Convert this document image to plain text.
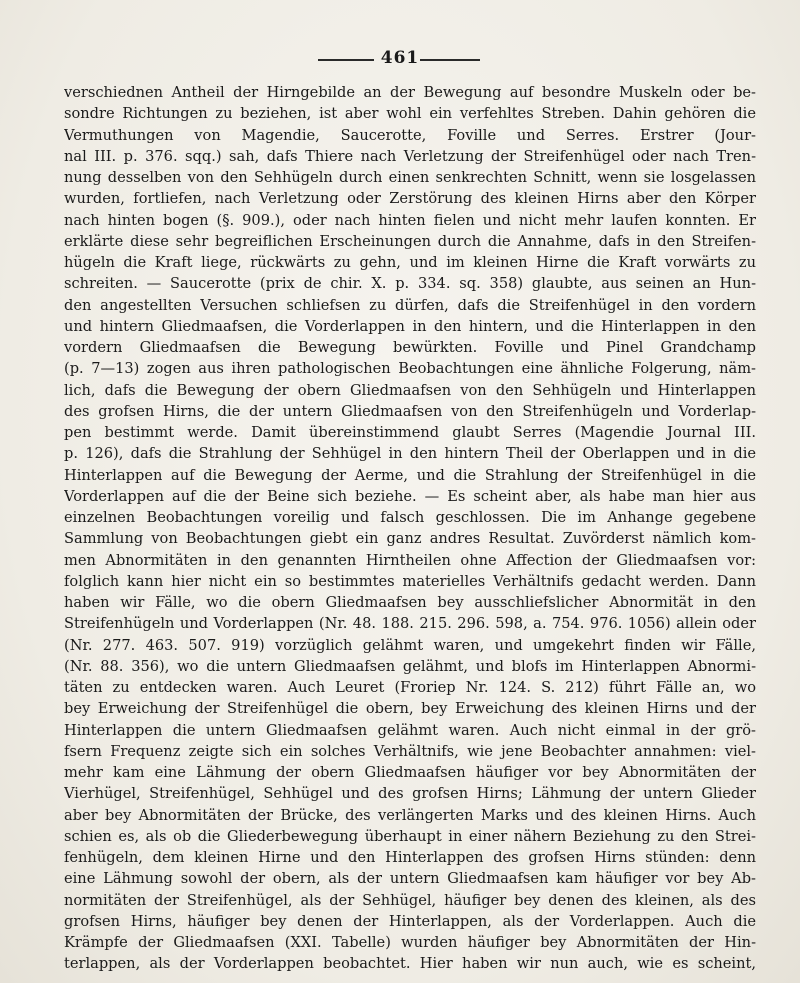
461
verschiednen Antheil der Hirngebilde an der Bewegung auf besondre Muskeln oder be-
sondre Richtungen zu beziehen, ist aber wohl ein verfehltes Streben. Dahin gehören die
Vermuthungen von Magendie, Saucerotte, Foville und Serres. Erstrer (Jour-
nal III. p. 376. sqq.) sah, dafs Thiere nach Verletzung der Streifenhügel oder nach Tren-
nung desselben von den Sehhügeln durch einen senkrechten Schnitt, wenn sie losgelassen
wurden, fortliefen, nach Verletzung oder Zerstörung des kleinen Hirns aber den Körper
nach hinten bogen (§. 909.), oder nach hinten fielen und nicht mehr laufen konnten. Er
erklärte diese sehr begreiflichen Erscheinungen durch die Annahme, dafs in den Streifen-
hügeln die Kraft liege, rückwärts zu gehn, und im kleinen Hirne die Kraft vorwärts zu
schreiten. — Saucerotte (prix de chir. X. p. 334. sq. 358) glaubte, aus seinen an Hun-
den angestellten Versuchen schliefsen zu dürfen, dafs die Streifenhügel in den vordern
und hintern Gliedmaafsen, die Vorderlappen in den hintern, und die Hinterlappen in den
vordern Gliedmaafsen die Bewegung bewürkten. Foville und Pinel Grandchamp
(p. 7—13) zogen aus ihren pathologischen Beobachtungen eine ähnliche Folgerung, näm-
lich, dafs die Bewegung der obern Gliedmaafsen von den Sehhügeln und Hinterlappen
des grofsen Hirns, die der untern Gliedmaafsen von den Streifenhügeln und Vorderlap-
pen bestimmt werde. Damit übereinstimmend glaubt Serres (Magendie Journal III.
p. 126), dafs die Strahlung der Sehhügel in den hintern Theil der Oberlappen und in die
Hinterlappen auf die Bewegung der Aerme, und die Strahlung der Streifenhügel in die
Vorderlappen auf die der Beine sich beziehe. — Es scheint aber, als habe man hier aus
einzelnen Beobachtungen voreilig und falsch geschlossen. Die im Anhange gegebene
Sammlung von Beobachtungen giebt ein ganz andres Resultat. Zuvörderst nämlich kom-
men Abnormitäten in den genannten Hirntheilen ohne Affection der Gliedmaafsen vor:
folglich kann hier nicht ein so bestimmtes materielles Verhältnifs gedacht werden. Dann
haben wir Fälle, wo die obern Gliedmaafsen bey ausschliefslicher Abnormität in den
Streifenhügeln und Vorderlappen (Nr. 48. 188. 215. 296. 598, a. 754. 976. 1056) allein oder
(Nr. 277. 463. 507. 919) vorzüglich gelähmt waren, und umgekehrt finden wir Fälle,
(Nr. 88. 356), wo die untern Gliedmaafsen gelähmt, und blofs im Hinterlappen Abnormi-
täten zu entdecken waren. Auch Leuret (Froriep Nr. 124. S. 212) führt Fälle an, wo
bey Erweichung der Streifenhügel die obern, bey Erweichung des kleinen Hirns und der
Hinterlappen die untern Gliedmaafsen gelähmt waren. Auch nicht einmal in der grö-
fsern Frequenz zeigte sich ein solches Verhältnifs, wie jene Beobachter annahmen: viel-
mehr kam eine Lähmung der obern Gliedmaafsen häufiger vor bey Abnormitäten der
Vierhügel, Streifenhügel, Sehhügel und des grofsen Hirns; Lähmung der untern Glieder
aber bey Abnormitäten der Brücke, des verlängerten Marks und des kleinen Hirns. Auch
schien es, als ob die Gliederbewegung überhaupt in einer nähern Beziehung zu den Strei-
fenhügeln, dem kleinen Hirne und den Hinterlappen des grofsen Hirns stünden: denn
eine Lähmung sowohl der obern, als der untern Gliedmaafsen kam häufiger vor bey Ab-
normitäten der Streifenhügel, als der Sehhügel, häufiger bey denen des kleinen, als des
grofsen Hirns, häufiger bey denen der Hinterlappen, als der Vorderlappen. Auch die
Krämpfe der Gliedmaafsen (XXI. Tabelle) wurden häufiger bey Abnormitäten der Hin-
terlappen, als der Vorderlappen beobachtet. Hier haben wir nun auch, wie es scheint,
